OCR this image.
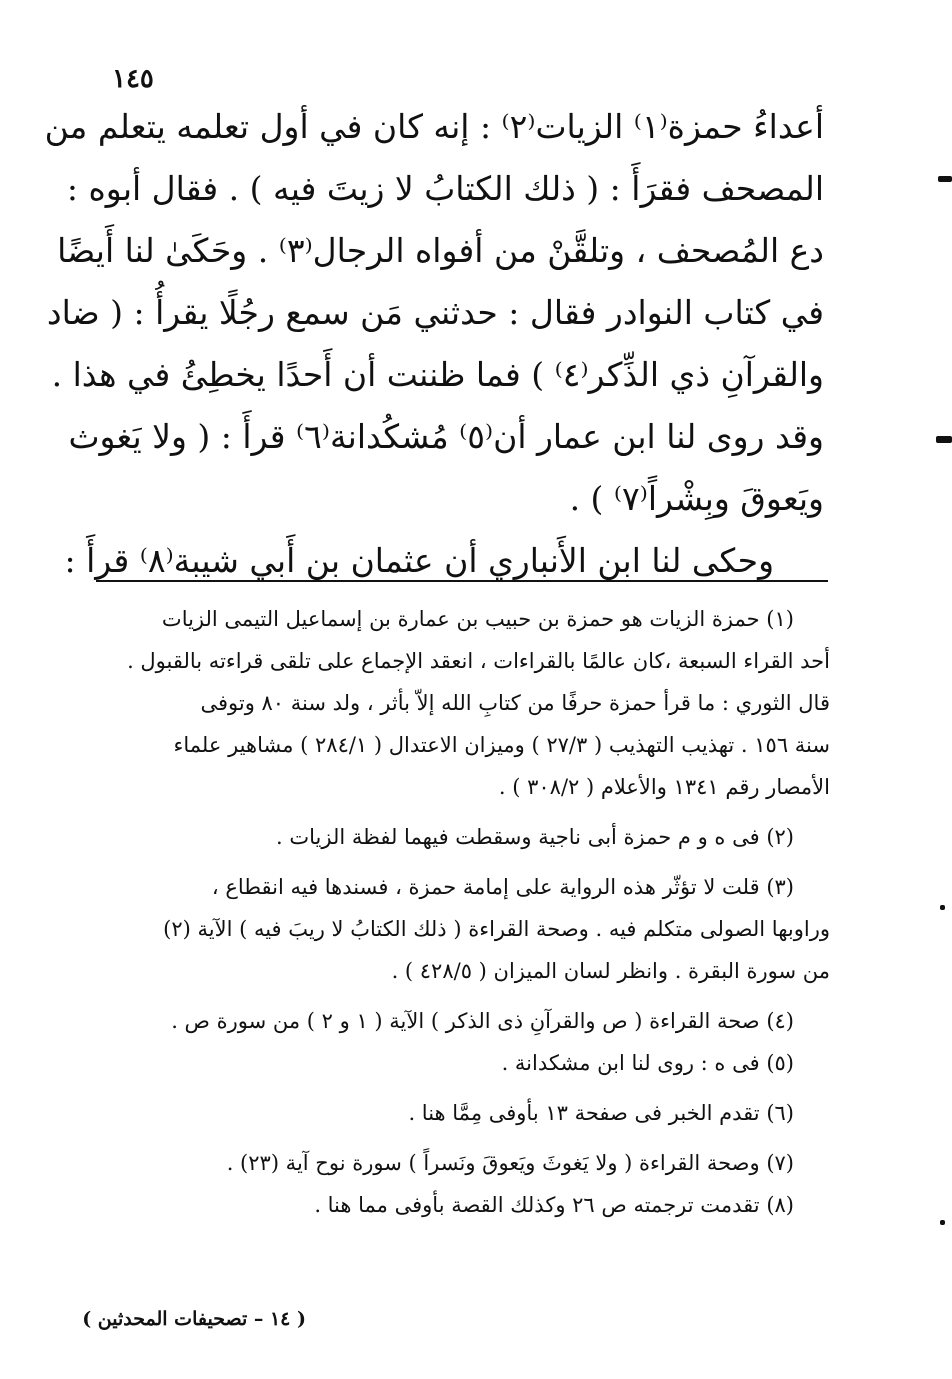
١٤٥
أعداءُ حمزة⁽١⁾ الزيات⁽٢⁾ : إنه كان في أول تعلمه يتعلم من
المصحف فقرَأَ : ( ذلك الكتابُ لا زيتَ فيه ) . فقال أبوه :
دع المُصحف ، وتلقَّنْ من أفواه الرجال⁽٣⁾ . وحَكَىٰ لنا أَيضًا
في كتاب النوادر فقال : حدثني مَن سمع رجُلًا يقرأُ : ( ضاد
والقرآنِ ذي الذِّكر⁽٤⁾ ) فما ظننت أن أَحدًا يخطِئُ في هذا .
وقد روى لنا ابن عمار أن⁽٥⁾ مُشكُدانة⁽٦⁾ قرأَ : ( ولا يَغوث
ويَعوقَ وبِشْراً⁽٧⁾ ) .
وحكى لنا ابن الأَنباري أن عثمان بن أَبي شيبة⁽٨⁾ قرأَ :
(١) حمزة الزيات هو حمزة بن حبيب بن عمارة بن إسماعيل التيمى الزيات
أحد القراء السبعة ،كان عالمًا بالقراءات ، انعقد الإجماع على تلقى قراءته بالقبول .
قال الثوري : ما قرأ حمزة حرفًا من كتابِ الله إلاّ بأثر ، ولد سنة ٨٠ وتوفى
سنة ١٥٦ . تهذيب التهذيب ( ٢٧/٣ ) وميزان الاعتدال ( ٢٨٤/١ ) مشاهير علماء
الأمصار رقم ١٣٤١ والأعلام ( ٣٠٨/٢ ) .
(٢) فى ه و م حمزة أبى ناجية وسقطت فيهما لفظة الزيات .
(٣) قلت لا تؤثّر هذه الرواية على إمامة حمزة ، فسندها فيه انقطاع ،
وراوبها الصولى متكلم فيه . وصحة القراءة ( ذلك الكتابُ لا ريبَ فيه ) الآية (٢)
من سورة البقرة . وانظر لسان الميزان ( ٤٢٨/٥ ) .
(٤) صحة القراءة ( ص والقرآنِ ذى الذكر ) الآية ( ١ و ٢ ) من سورة ص .
(٥) فى ه : روى لنا ابن مشكدانة .
(٦) تقدم الخبر فى صفحة ١٣ بأوفى مِمَّا هنا .
(٧) وصحة القراءة ( ولا يَغوثَ ويَعوقَ ونَسراً ) سورة نوح آية (٢٣) .
(٨) تقدمت ترجمته ص ٢٦ وكذلك القصة بأوفى مما هنا .
( ١٤ – تصحيفات المحدثين )
